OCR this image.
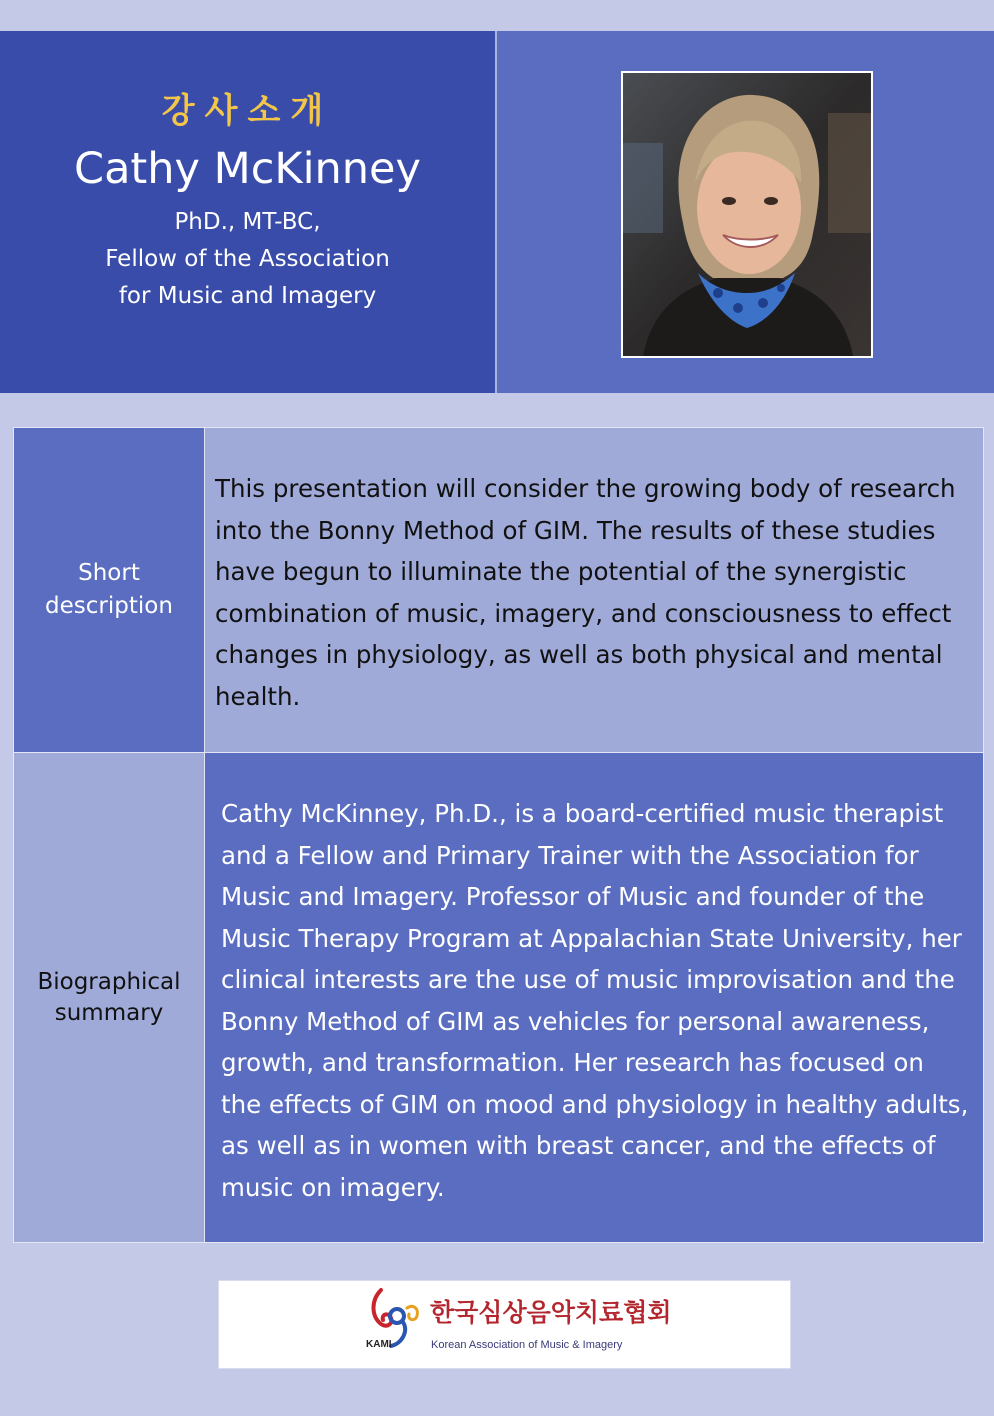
강사소개
Cathy McKinney
PhD., MT-BC,
Fellow of the Association
for Music and Imagery
Short
description
This presentation will consider the growing body of research into the Bonny Method of GIM. The results of these studies have begun to illuminate the potential of the synergistic combination of music, imagery, and consciousness to effect changes in physiology, as well as both physical and mental health.
Biographical
summary
Cathy McKinney, Ph.D., is a board-certified music therapist and a Fellow and Primary Trainer with the Association for Music and Imagery. Professor of Music and founder of the Music Therapy Program at Appalachian State University, her clinical interests are the use of music improvisation and the Bonny Method of GIM as vehicles for personal awareness, growth, and transformation. Her research has focused on the effects of GIM on mood and physiology in healthy adults, as well as in women with breast cancer, and the effects of music on imagery.
KAMI
한국심상음악치료협회
Korean Association of Music & Imagery
